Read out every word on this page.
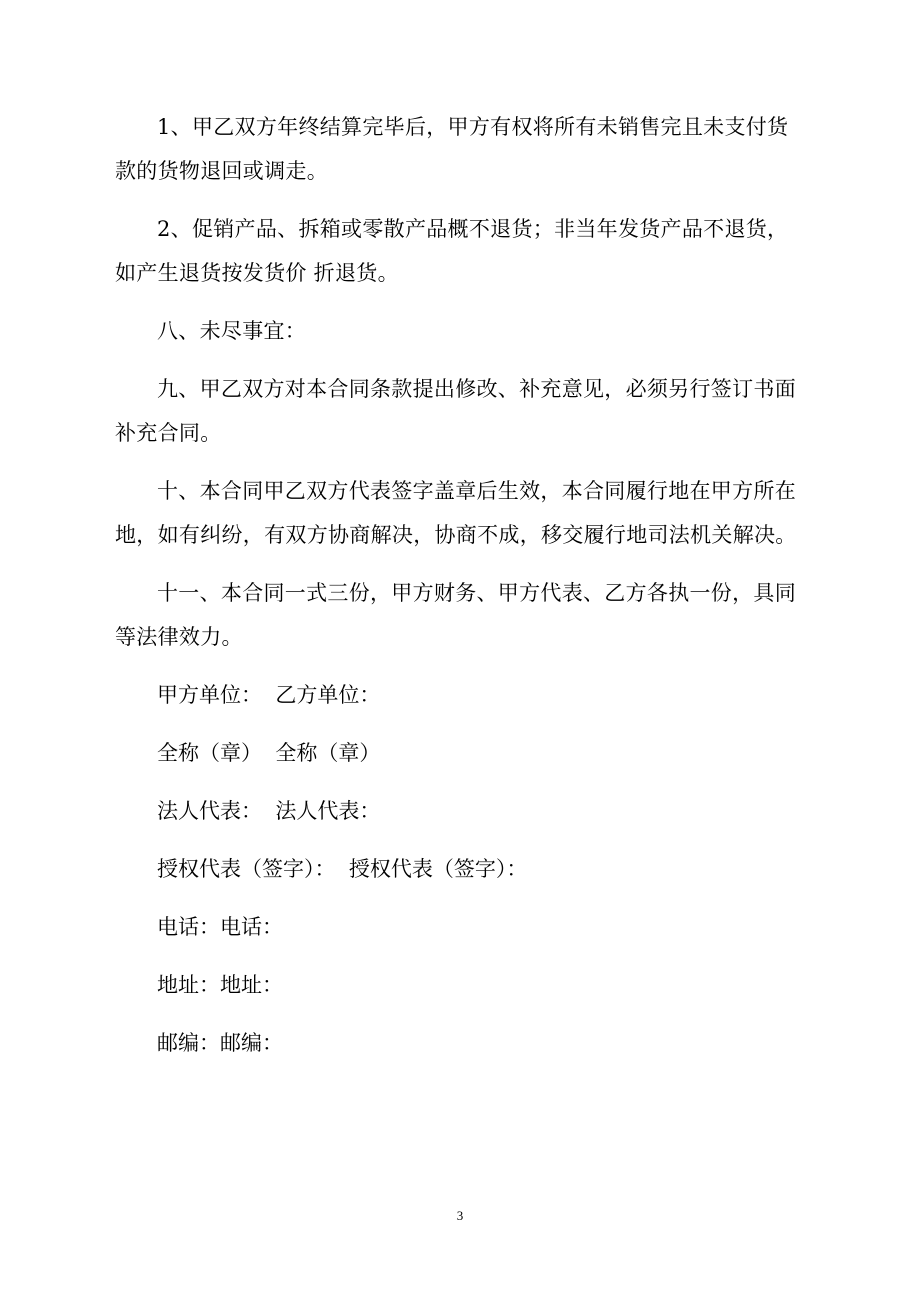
1、甲乙双方年终结算完毕后，甲方有权将所有未销售完且未支付货款的货物退回或调走。

2、促销产品、拆箱或零散产品概不退货；非当年发货产品不退货，如产生退货按发货价 折退货。

八、未尽事宜：

九、甲乙双方对本合同条款提出修改、补充意见，必须另行签订书面补充合同。

十、本合同甲乙双方代表签字盖章后生效，本合同履行地在甲方所在地，如有纠纷，有双方协商解决，协商不成，移交履行地司法机关解决。

十一、本合同一式三份，甲方财务、甲方代表、乙方各执一份，具同等法律效力。

甲方单位：  乙方单位：
全称（章）  全称（章）
法人代表：  法人代表：
授权代表（签字）：  授权代表（签字）：
电话：电话：
地址：地址：
邮编：邮编：
3
